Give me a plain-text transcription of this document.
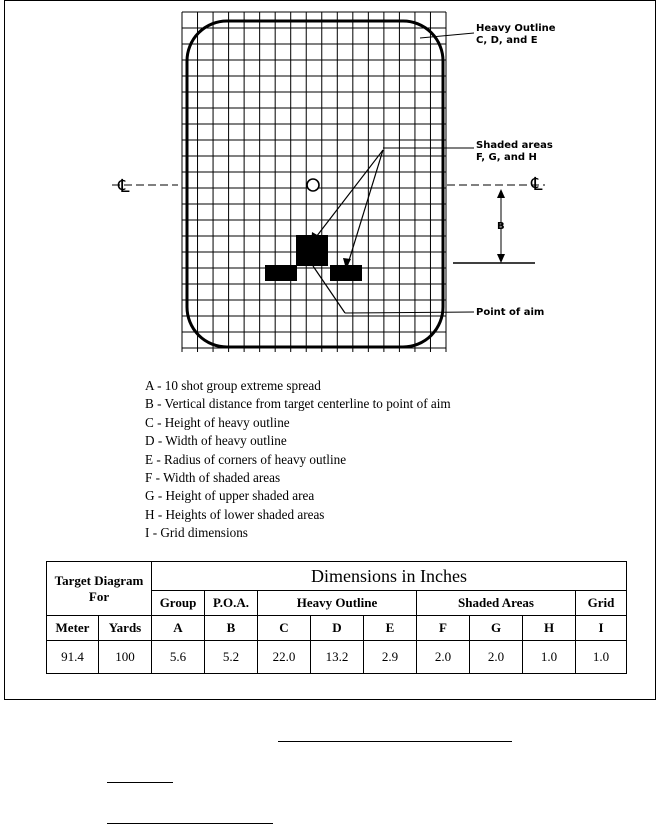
℄	℄
B
Heavy Outline
C, D, and E
Shaded areas
F, G, and H
Point of aim
A - 10 shot group extreme spread
B - Vertical distance from target centerline to point of aim
C - Height of heavy outline
D - Width of heavy outline
E - Radius of corners of heavy outline
F - Width of shaded areas
G - Height of upper shaded area
H - Heights of lower shaded areas
I - Grid dimensions
Target Diagram For		Dimensions in Inches								
		Group	P.O.A.	Heavy Outline			Shaded Areas			Grid
Meter	Yards	A	B	C	D	E	F	G	H	I
91.4	100	5.6	5.2	22.0	13.2	2.9	2.0	2.0	1.0	1.0
